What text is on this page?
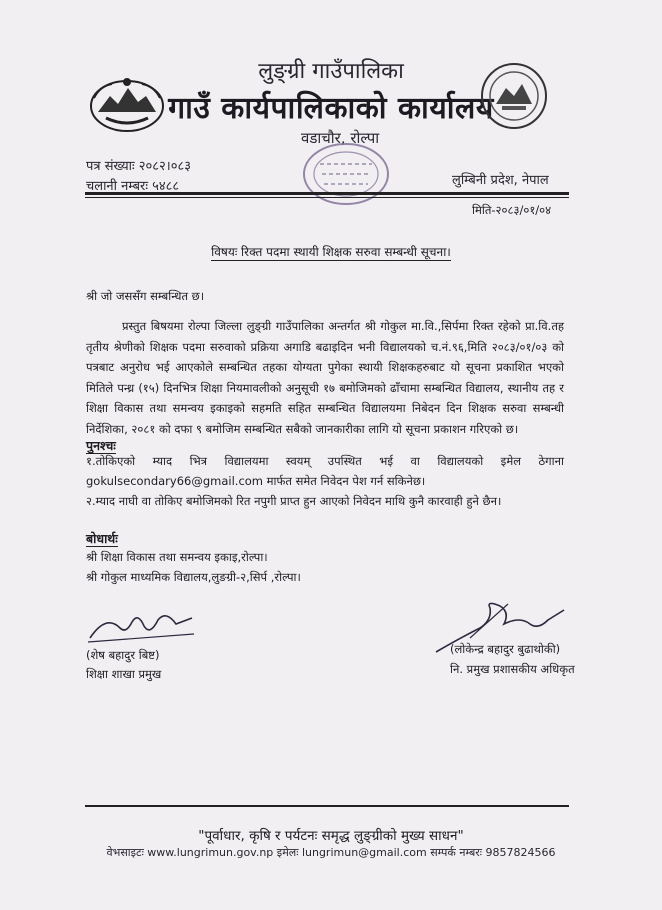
लुङ्ग्री गाउँपालिका
गाउँ कार्यपालिकाको कार्यालय
वडाचौर, रोल्पा
पत्र संख्याः २०८२।०८३
चलानी नम्बरः ५४८८	लुम्बिनी प्रदेश, नेपाल
मिति-२०८३/०१/०४
विषयः रिक्त पदमा स्थायी शिक्षक सरुवा सम्बन्धी सूचना।
श्री जो जससँग सम्बन्धित छ।
प्रस्तुत बिषयमा रोल्पा जिल्ला लुङ्ग्री गाउँपालिका अन्तर्गत श्री गोकुल मा.वि.,सिर्पमा रिक्त रहेको प्रा.वि.तह तृतीय श्रेणीको शिक्षक पदमा सरुवाको प्रक्रिया अगाडि बढाइदिन भनी विद्यालयको च.नं.९६,मिति २०८३/०१/०३ को पत्रबाट अनुरोध भई आएकोले सम्बन्धित तहका योग्यता पुगेका स्थायी शिक्षकहरुबाट यो सूचना प्रकाशित भएको मितिले पन्ध्र (१५) दिनभित्र शिक्षा नियमावलीको अनुसूची १७ बमोजिमको ढाँचामा सम्बन्धित विद्यालय, स्थानीय तह र शिक्षा विकास तथा समन्वय इकाइको सहमति सहित सम्बन्धित विद्यालयमा निबेदन दिन शिक्षक सरुवा सम्बन्धी निर्देशिका, २०८१ को दफा ९ बमोजिम सम्बन्धित सबैको जानकारीका लागि यो सूचना प्रकाशन गरिएको छ।
पुनश्चः
१.तोकिएको म्याद भित्र विद्यालयमा स्वयम् उपस्थित भई वा विद्यालयको इमेल ठेगाना
gokulsecondary66@gmail.com मार्फत समेत निवेदन पेश गर्न सकिनेछ।
२.म्याद नाघी वा तोकिए बमोजिमको रित नपुगी प्राप्त हुन आएको निवेदन माथि कुनै कारवाही हुने छैन।
बोधार्थः
श्री शिक्षा विकास तथा समन्वय इकाइ,रोल्पा।
श्री गोकुल माध्यमिक विद्यालय,लुङग्री-२,सिर्प ,रोल्पा।
(शेष बहादुर बिष्ट)
शिक्षा शाखा प्रमुख
(लोकेन्द्र बहादुर बुढाथोकी)
नि. प्रमुख प्रशासकीय अधिकृत
"पूर्वाधार, कृषि र पर्यटनः समृद्ध लुङ्ग्रीको मुख्य साधन"
वेभसाइटः www.lungrimun.gov.np इमेलः lungrimun@gmail.com सम्पर्क नम्बरः 9857824566
